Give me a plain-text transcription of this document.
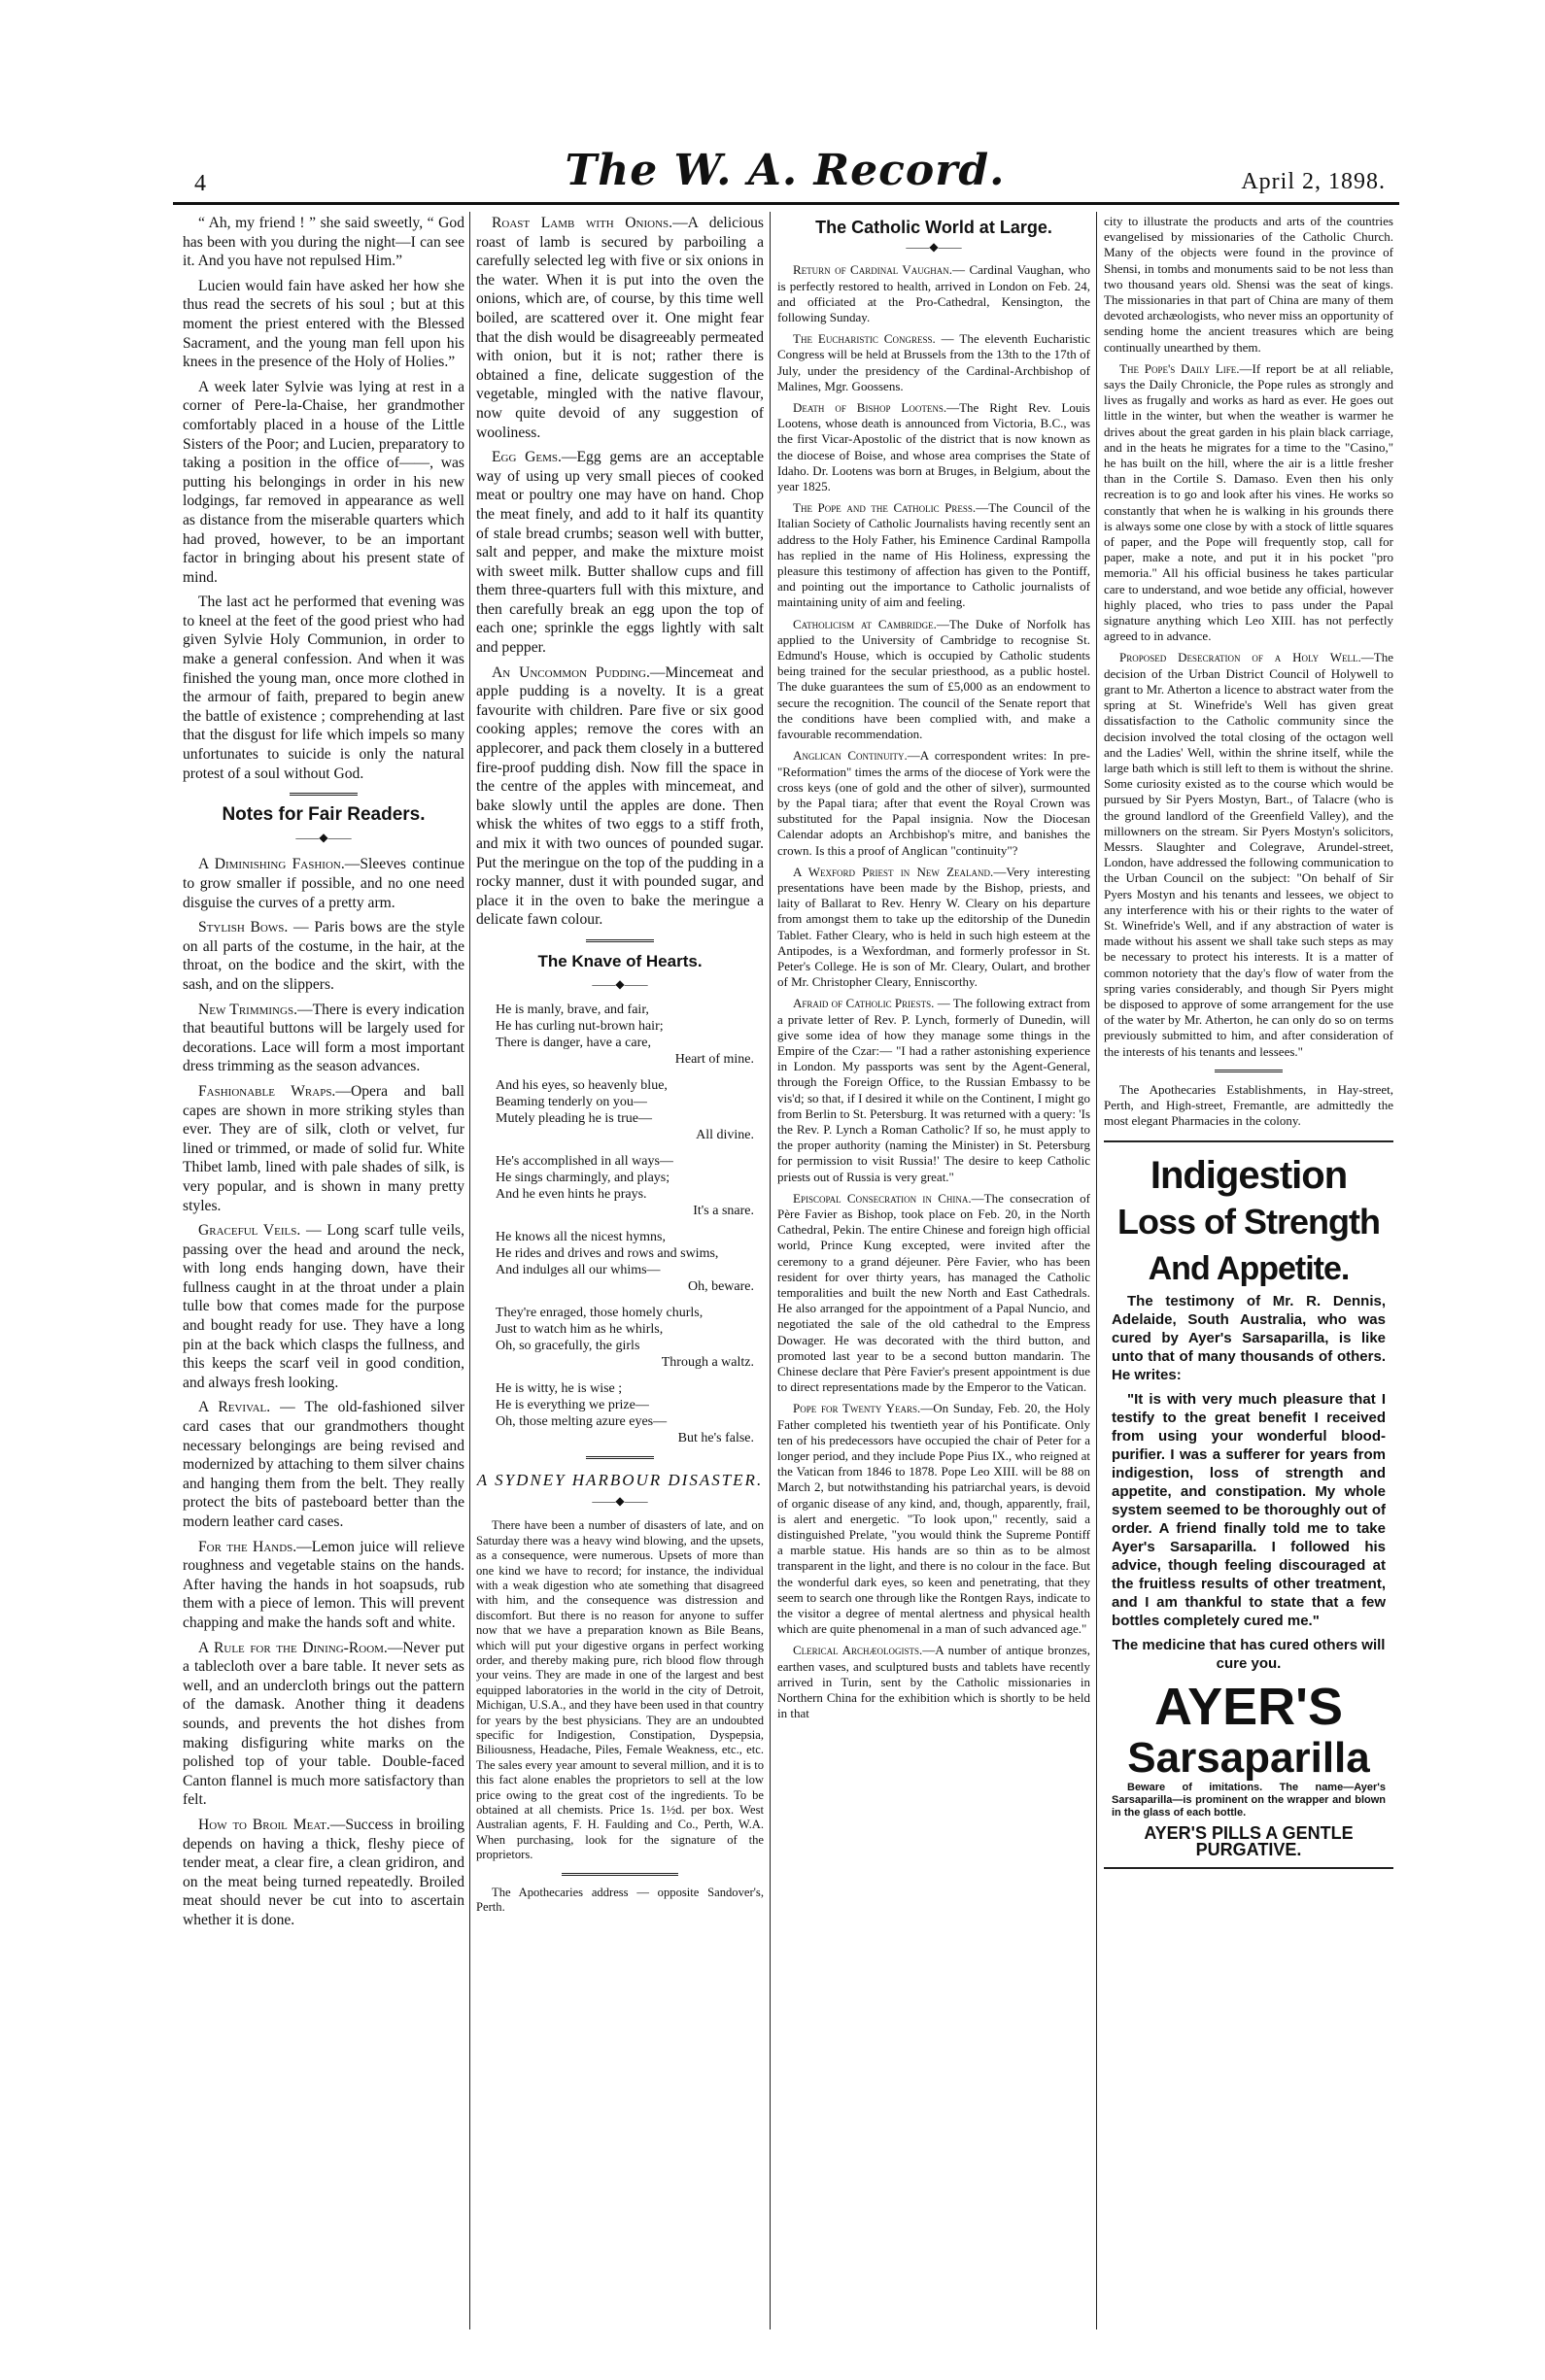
4	The W. A. Record.	April 2, 1898.

“ Ah, my friend ! ” she said sweetly, “ God has been with you during the night—I can see it. And you have not repulsed Him.”

Lucien would fain have asked her how she thus read the secrets of his soul ; but at this moment the priest entered with the Blessed Sacrament, and the young man fell upon his knees in the presence of the Holy of Holies.”

A week later Sylvie was lying at rest in a corner of Pere-la-Chaise, her grandmother comfortably placed in a house of the Little Sisters of the Poor; and Lucien, preparatory to taking a position in the office of——, was putting his belongings in order in his new lodgings, far removed in appearance as well as distance from the miserable quarters which had proved, however, to be an important factor in bringing about his present state of mind.

The last act he performed that evening was to kneel at the feet of the good priest who had given Sylvie Holy Communion, in order to make a general confession. And when it was finished the young man, once more clothed in the armour of faith, prepared to begin anew the battle of existence ; comprehending at last that the disgust for life which impels so many unfortunates to suicide is only the natural protest of a soul without God.

Notes for Fair Readers.
——◆——

A Diminishing Fashion.—Sleeves continue to grow smaller if possible, and no one need disguise the curves of a pretty arm.

Stylish Bows. — Paris bows are the style on all parts of the costume, in the hair, at the throat, on the bodice and the skirt, with the sash, and on the slippers.

New Trimmings.—There is every indication that beautiful buttons will be largely used for decorations. Lace will form a most important dress trimming as the season advances.

Fashionable Wraps.—Opera and ball capes are shown in more striking styles than ever. They are of silk, cloth or velvet, fur lined or trimmed, or made of solid fur. White Thibet lamb, lined with pale shades of silk, is very popular, and is shown in many pretty styles.

Graceful Veils. — Long scarf tulle veils, passing over the head and around the neck, with long ends hanging down, have their fullness caught in at the throat under a plain tulle bow that comes made for the purpose and bought ready for use. They have a long pin at the back which clasps the fullness, and this keeps the scarf veil in good condition, and always fresh looking.

A Revival. — The old-fashioned silver card cases that our grandmothers thought necessary belongings are being revised and modernized by attaching to them silver chains and hanging them from the belt. They really protect the bits of pasteboard better than the modern leather card cases.

For the Hands.—Lemon juice will relieve roughness and vegetable stains on the hands. After having the hands in hot soapsuds, rub them with a piece of lemon. This will prevent chapping and make the hands soft and white.

A Rule for the Dining-Room.—Never put a tablecloth over a bare table. It never sets as well, and an undercloth brings out the pattern of the damask. Another thing it deadens sounds, and prevents the hot dishes from making disfiguring white marks on the polished top of your table. Double-faced Canton flannel is much more satisfactory than felt.

How to Broil Meat.—Success in broiling depends on having a thick, fleshy piece of tender meat, a clear fire, a clean gridiron, and on the meat being turned repeatedly. Broiled meat should never be cut into to ascertain whether it is done.

Roast Lamb with Onions.—A delicious roast of lamb is secured by parboiling a carefully selected leg with five or six onions in the water. When it is put into the oven the onions, which are, of course, by this time well boiled, are scattered over it. One might fear that the dish would be disagreeably permeated with onion, but it is not; rather there is obtained a fine, delicate suggestion of the vegetable, mingled with the native flavour, now quite devoid of any suggestion of wooliness.

Egg Gems.—Egg gems are an acceptable way of using up very small pieces of cooked meat or poultry one may have on hand. Chop the meat finely, and add to it half its quantity of stale bread crumbs; season well with butter, salt and pepper, and make the mixture moist with sweet milk. Butter shallow cups and fill them three-quarters full with this mixture, and then carefully break an egg upon the top of each one; sprinkle the eggs lightly with salt and pepper.

An Uncommon Pudding.—Mincemeat and apple pudding is a novelty. It is a great favourite with children. Pare five or six good cooking apples; remove the cores with an applecorer, and pack them closely in a buttered fire-proof pudding dish. Now fill the space in the centre of the apples with mincemeat, and bake slowly until the apples are done. Then whisk the whites of two eggs to a stiff froth, and mix it with two ounces of pounded sugar. Put the meringue on the top of the pudding in a rocky manner, dust it with pounded sugar, and place it in the oven to bake the meringue a delicate fawn colour.

The Knave of Hearts.
——◆——
He is manly, brave, and fair,
He has curling nut-brown hair;
There is danger, have a care,
Heart of mine.
And his eyes, so heavenly blue,
Beaming tenderly on you—
Mutely pleading he is true—
All divine.
He's accomplished in all ways—
He sings charmingly, and plays;
And he even hints he prays.
It's a snare.
He knows all the nicest hymns,
He rides and drives and rows and swims,
And indulges all our whims—
Oh, beware.
They're enraged, those homely churls,
Just to watch him as he whirls,
Oh, so gracefully, the girls
Through a waltz.
He is witty, he is wise ;
He is everything we prize—
Oh, those melting azure eyes—
But he's false.
A SYDNEY HARBOUR DISASTER.
——◆——

There have been a number of disasters of late, and on Saturday there was a heavy wind blowing, and the upsets, as a consequence, were numerous. Upsets of more than one kind we have to record; for instance, the individual with a weak digestion who ate something that disagreed with him, and the consequence was distression and discomfort. But there is no reason for anyone to suffer now that we have a preparation known as Bile Beans, which will put your digestive organs in perfect working order, and thereby making pure, rich blood flow through your veins. They are made in one of the largest and best equipped laboratories in the world in the city of Detroit, Michigan, U.S.A., and they have been used in that country for years by the best physicians. They are an undoubted specific for Indigestion, Constipation, Dyspepsia, Biliousness, Headache, Piles, Female Weakness, etc., etc. The sales every year amount to several million, and it is to this fact alone enables the proprietors to sell at the low price owing to the great cost of the ingredients. To be obtained at all chemists. Price 1s. 1½d. per box. West Australian agents, F. H. Faulding and Co., Perth, W.A. When purchasing, look for the signature of the proprietors.

The Apothecaries address — opposite Sandover's, Perth.

The Catholic World at Large.
——◆——

Return of Cardinal Vaughan.— Cardinal Vaughan, who is perfectly restored to health, arrived in London on Feb. 24, and officiated at the Pro-Cathedral, Kensington, the following Sunday.

The Eucharistic Congress. — The eleventh Eucharistic Congress will be held at Brussels from the 13th to the 17th of July, under the presidency of the Cardinal-Archbishop of Malines, Mgr. Goossens.

Death of Bishop Lootens.—The Right Rev. Louis Lootens, whose death is announced from Victoria, B.C., was the first Vicar-Apostolic of the district that is now known as the diocese of Boise, and whose area comprises the State of Idaho. Dr. Lootens was born at Bruges, in Belgium, about the year 1825.

The Pope and the Catholic Press.—The Council of the Italian Society of Catholic Journalists having recently sent an address to the Holy Father, his Eminence Cardinal Rampolla has replied in the name of His Holiness, expressing the pleasure this testimony of affection has given to the Pontiff, and pointing out the importance to Catholic journalists of maintaining unity of aim and feeling.

Catholicism at Cambridge.—The Duke of Norfolk has applied to the University of Cambridge to recognise St. Edmund's House, which is occupied by Catholic students being trained for the secular priesthood, as a public hostel. The duke guarantees the sum of £5,000 as an endowment to secure the recognition. The council of the Senate report that the conditions have been complied with, and make a favourable recommendation.

Anglican Continuity.—A correspondent writes: In pre-"Reformation" times the arms of the diocese of York were the cross keys (one of gold and the other of silver), surmounted by the Papal tiara; after that event the Royal Crown was substituted for the Papal insignia. Now the Diocesan Calendar adopts an Archbishop's mitre, and banishes the crown. Is this a proof of Anglican "continuity"?

A Wexford Priest in New Zealand.—Very interesting presentations have been made by the Bishop, priests, and laity of Ballarat to Rev. Henry W. Cleary on his departure from amongst them to take up the editorship of the Dunedin Tablet. Father Cleary, who is held in such high esteem at the Antipodes, is a Wexfordman, and formerly professor in St. Peter's College. He is son of Mr. Cleary, Oulart, and brother of Mr. Christopher Cleary, Enniscorthy.

Afraid of Catholic Priests. — The following extract from a private letter of Rev. P. Lynch, formerly of Dunedin, will give some idea of how they manage some things in the Empire of the Czar:— "I had a rather astonishing experience in London. My passports was sent by the Agent-General, through the Foreign Office, to the Russian Embassy to be vis'd; so that, if I desired it while on the Continent, I might go from Berlin to St. Petersburg. It was returned with a query: 'Is the Rev. P. Lynch a Roman Catholic? If so, he must apply to the proper authority (naming the Minister) in St. Petersburg for permission to visit Russia!' The desire to keep Catholic priests out of Russia is very great."

Episcopal Consecration in China.—The consecration of Père Favier as Bishop, took place on Feb. 20, in the North Cathedral, Pekin. The entire Chinese and foreign high official world, Prince Kung excepted, were invited after the ceremony to a grand déjeuner. Père Favier, who has been resident for over thirty years, has managed the Catholic temporalities and built the new North and East Cathedrals. He also arranged for the appointment of a Papal Nuncio, and negotiated the sale of the old cathedral to the Empress Dowager. He was decorated with the third button, and promoted last year to be a second button mandarin. The Chinese declare that Père Favier's present appointment is due to direct representations made by the Emperor to the Vatican.

Pope for Twenty Years.—On Sunday, Feb. 20, the Holy Father completed his twentieth year of his Pontificate. Only ten of his predecessors have occupied the chair of Peter for a longer period, and they include Pope Pius IX., who reigned at the Vatican from 1846 to 1878. Pope Leo XIII. will be 88 on March 2, but notwithstanding his patriarchal years, is devoid of organic disease of any kind, and, though, apparently, frail, is alert and energetic. "To look upon," recently, said a distinguished Prelate, "you would think the Supreme Pontiff a marble statue. His hands are so thin as to be almost transparent in the light, and there is no colour in the face. But the wonderful dark eyes, so keen and penetrating, that they seem to search one through like the Rontgen Rays, indicate to the visitor a degree of mental alertness and physical health which are quite phenomenal in a man of such advanced age."

Clerical Archæologists.—A number of antique bronzes, earthen vases, and sculptured busts and tablets have recently arrived in Turin, sent by the Catholic missionaries in Northern China for the exhibition which is shortly to be held in that

city to illustrate the products and arts of the countries evangelised by missionaries of the Catholic Church. Many of the objects were found in the province of Shensi, in tombs and monuments said to be not less than two thousand years old. Shensi was the seat of kings. The missionaries in that part of China are many of them devoted archæologists, who never miss an opportunity of sending home the ancient treasures which are being continually unearthed by them.

The Pope's Daily Life.—If report be at all reliable, says the Daily Chronicle, the Pope rules as strongly and lives as frugally and works as hard as ever. He goes out little in the winter, but when the weather is warmer he drives about the great garden in his plain black carriage, and in the heats he migrates for a time to the "Casino," he has built on the hill, where the air is a little fresher than in the Cortile S. Damaso. Even then his only recreation is to go and look after his vines. He works so constantly that when he is walking in his grounds there is always some one close by with a stock of little squares of paper, and the Pope will frequently stop, call for paper, make a note, and put it in his pocket "pro memoria." All his official business he takes particular care to understand, and woe betide any official, however highly placed, who tries to pass under the Papal signature anything which Leo XIII. has not perfectly agreed to in advance.

Proposed Desecration of a Holy Well.—The decision of the Urban District Council of Holywell to grant to Mr. Atherton a licence to abstract water from the spring at St. Winefride's Well has given great dissatisfaction to the Catholic community since the decision involved the total closing of the octagon well and the Ladies' Well, within the shrine itself, while the large bath which is still left to them is without the shrine. Some curiosity existed as to the course which would be pursued by Sir Pyers Mostyn, Bart., of Talacre (who is the ground landlord of the Greenfield Valley), and the millowners on the stream. Sir Pyers Mostyn's solicitors, Messrs. Slaughter and Colegrave, Arundel-street, London, have addressed the following communication to the Urban Council on the subject: "On behalf of Sir Pyers Mostyn and his tenants and lessees, we object to any interference with his or their rights to the water of St. Winefride's Well, and if any abstraction of water is made without his assent we shall take such steps as may be necessary to protect his interests. It is a matter of common notoriety that the day's flow of water from the spring varies considerably, and though Sir Pyers might be disposed to approve of some arrangement for the use of the water by Mr. Atherton, he can only do so on terms previously submitted to him, and after consideration of the interests of his tenants and lessees."

The Apothecaries Establishments, in Hay-street, Perth, and High-street, Fremantle, are admittedly the most elegant Pharmacies in the colony.

Indigestion
Loss of Strength
And Appetite.

The testimony of Mr. R. Dennis, Adelaide, South Australia, who was cured by Ayer's Sarsaparilla, is like unto that of many thousands of others. He writes:

"It is with very much pleasure that I testify to the great benefit I received from using your wonderful blood-purifier. I was a sufferer for years from indigestion, loss of strength and appetite, and constipation. My whole system seemed to be thoroughly out of order. A friend finally told me to take Ayer's Sarsaparilla. I followed his advice, though feeling discouraged at the fruitless results of other treatment, and I am thankful to state that a few bottles completely cured me."

The medicine that has cured others will cure you.

AYER'S
Sarsaparilla

Beware of imitations. The name—Ayer's Sarsaparilla—is prominent on the wrapper and blown in the glass of each bottle.

AYER'S PILLS A GENTLE PURGATIVE.
